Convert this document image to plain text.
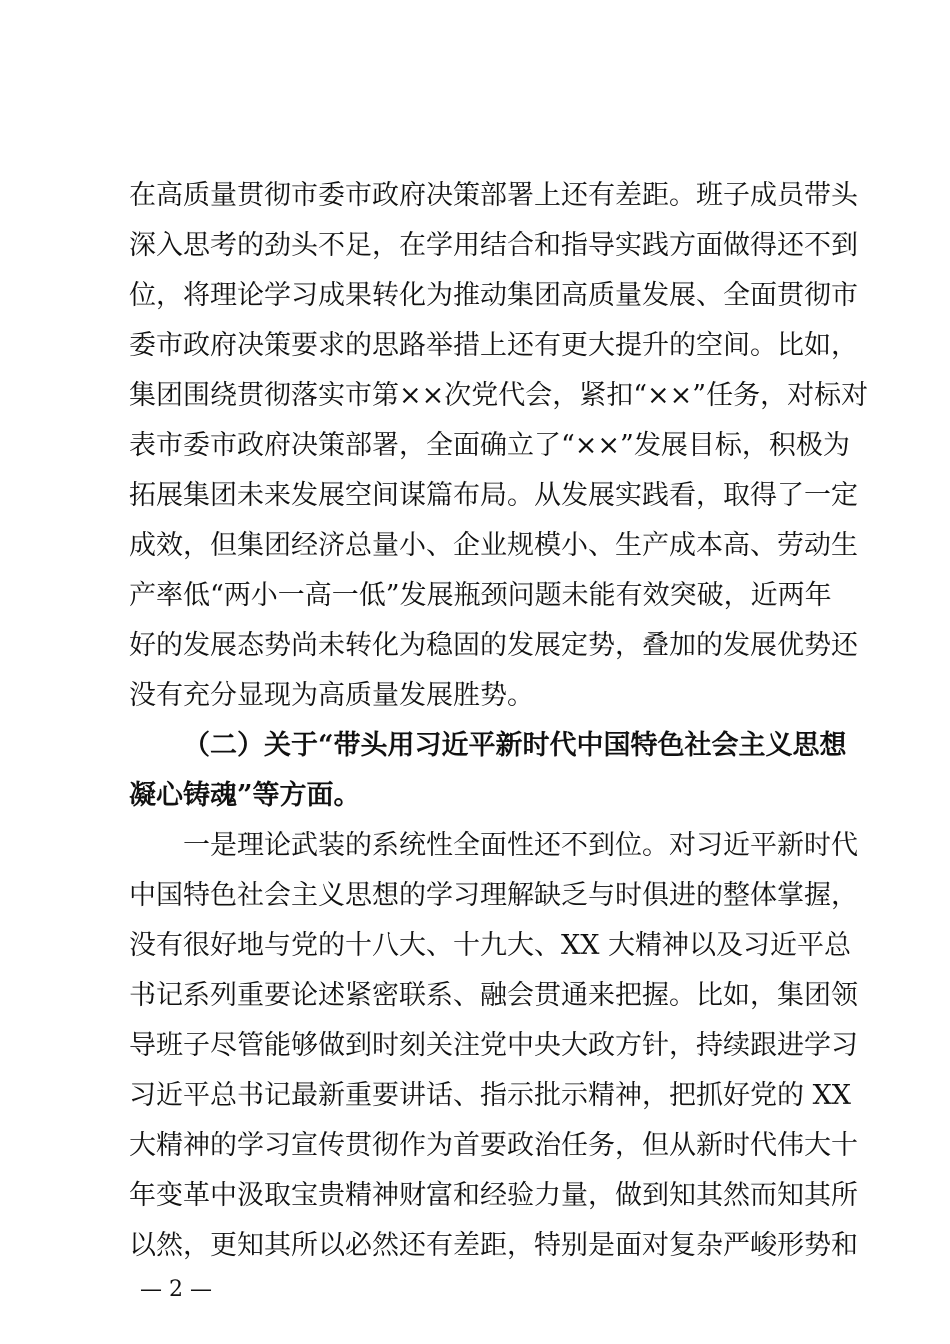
在高质量贯彻市委市政府决策部署上还有差距。班子成员带头
深入思考的劲头不足，在学用结合和指导实践方面做得还不到
位，将理论学习成果转化为推动集团高质量发展、全面贯彻市
委市政府决策要求的思路举措上还有更大提升的空间。比如，
集团围绕贯彻落实市第××次党代会，紧扣“××”任务，对标对
表市委市政府决策部署，全面确立了“××”发展目标，积极为
拓展集团未来发展空间谋篇布局。从发展实践看，取得了一定
成效，但集团经济总量小、企业规模小、生产成本高、劳动生
产率低“两小一高一低”发展瓶颈问题未能有效突破，近两年
好的发展态势尚未转化为稳固的发展定势，叠加的发展优势还
没有充分显现为高质量发展胜势。
（二）关于“带头用习近平新时代中国特色社会主义思想
凝心铸魂”等方面。
一是理论武装的系统性全面性还不到位。对习近平新时代
中国特色社会主义思想的学习理解缺乏与时俱进的整体掌握，
没有很好地与党的十八大、十九大、XX 大精神以及习近平总
书记系列重要论述紧密联系、融会贯通来把握。比如，集团领
导班子尽管能够做到时刻关注党中央大政方针，持续跟进学习
习近平总书记最新重要讲话、指示批示精神，把抓好党的 XX
大精神的学习宣传贯彻作为首要政治任务，但从新时代伟大十
年变革中汲取宝贵精神财富和经验力量，做到知其然而知其所
以然，更知其所以必然还有差距，特别是面对复杂严峻形势和
— 2 —
